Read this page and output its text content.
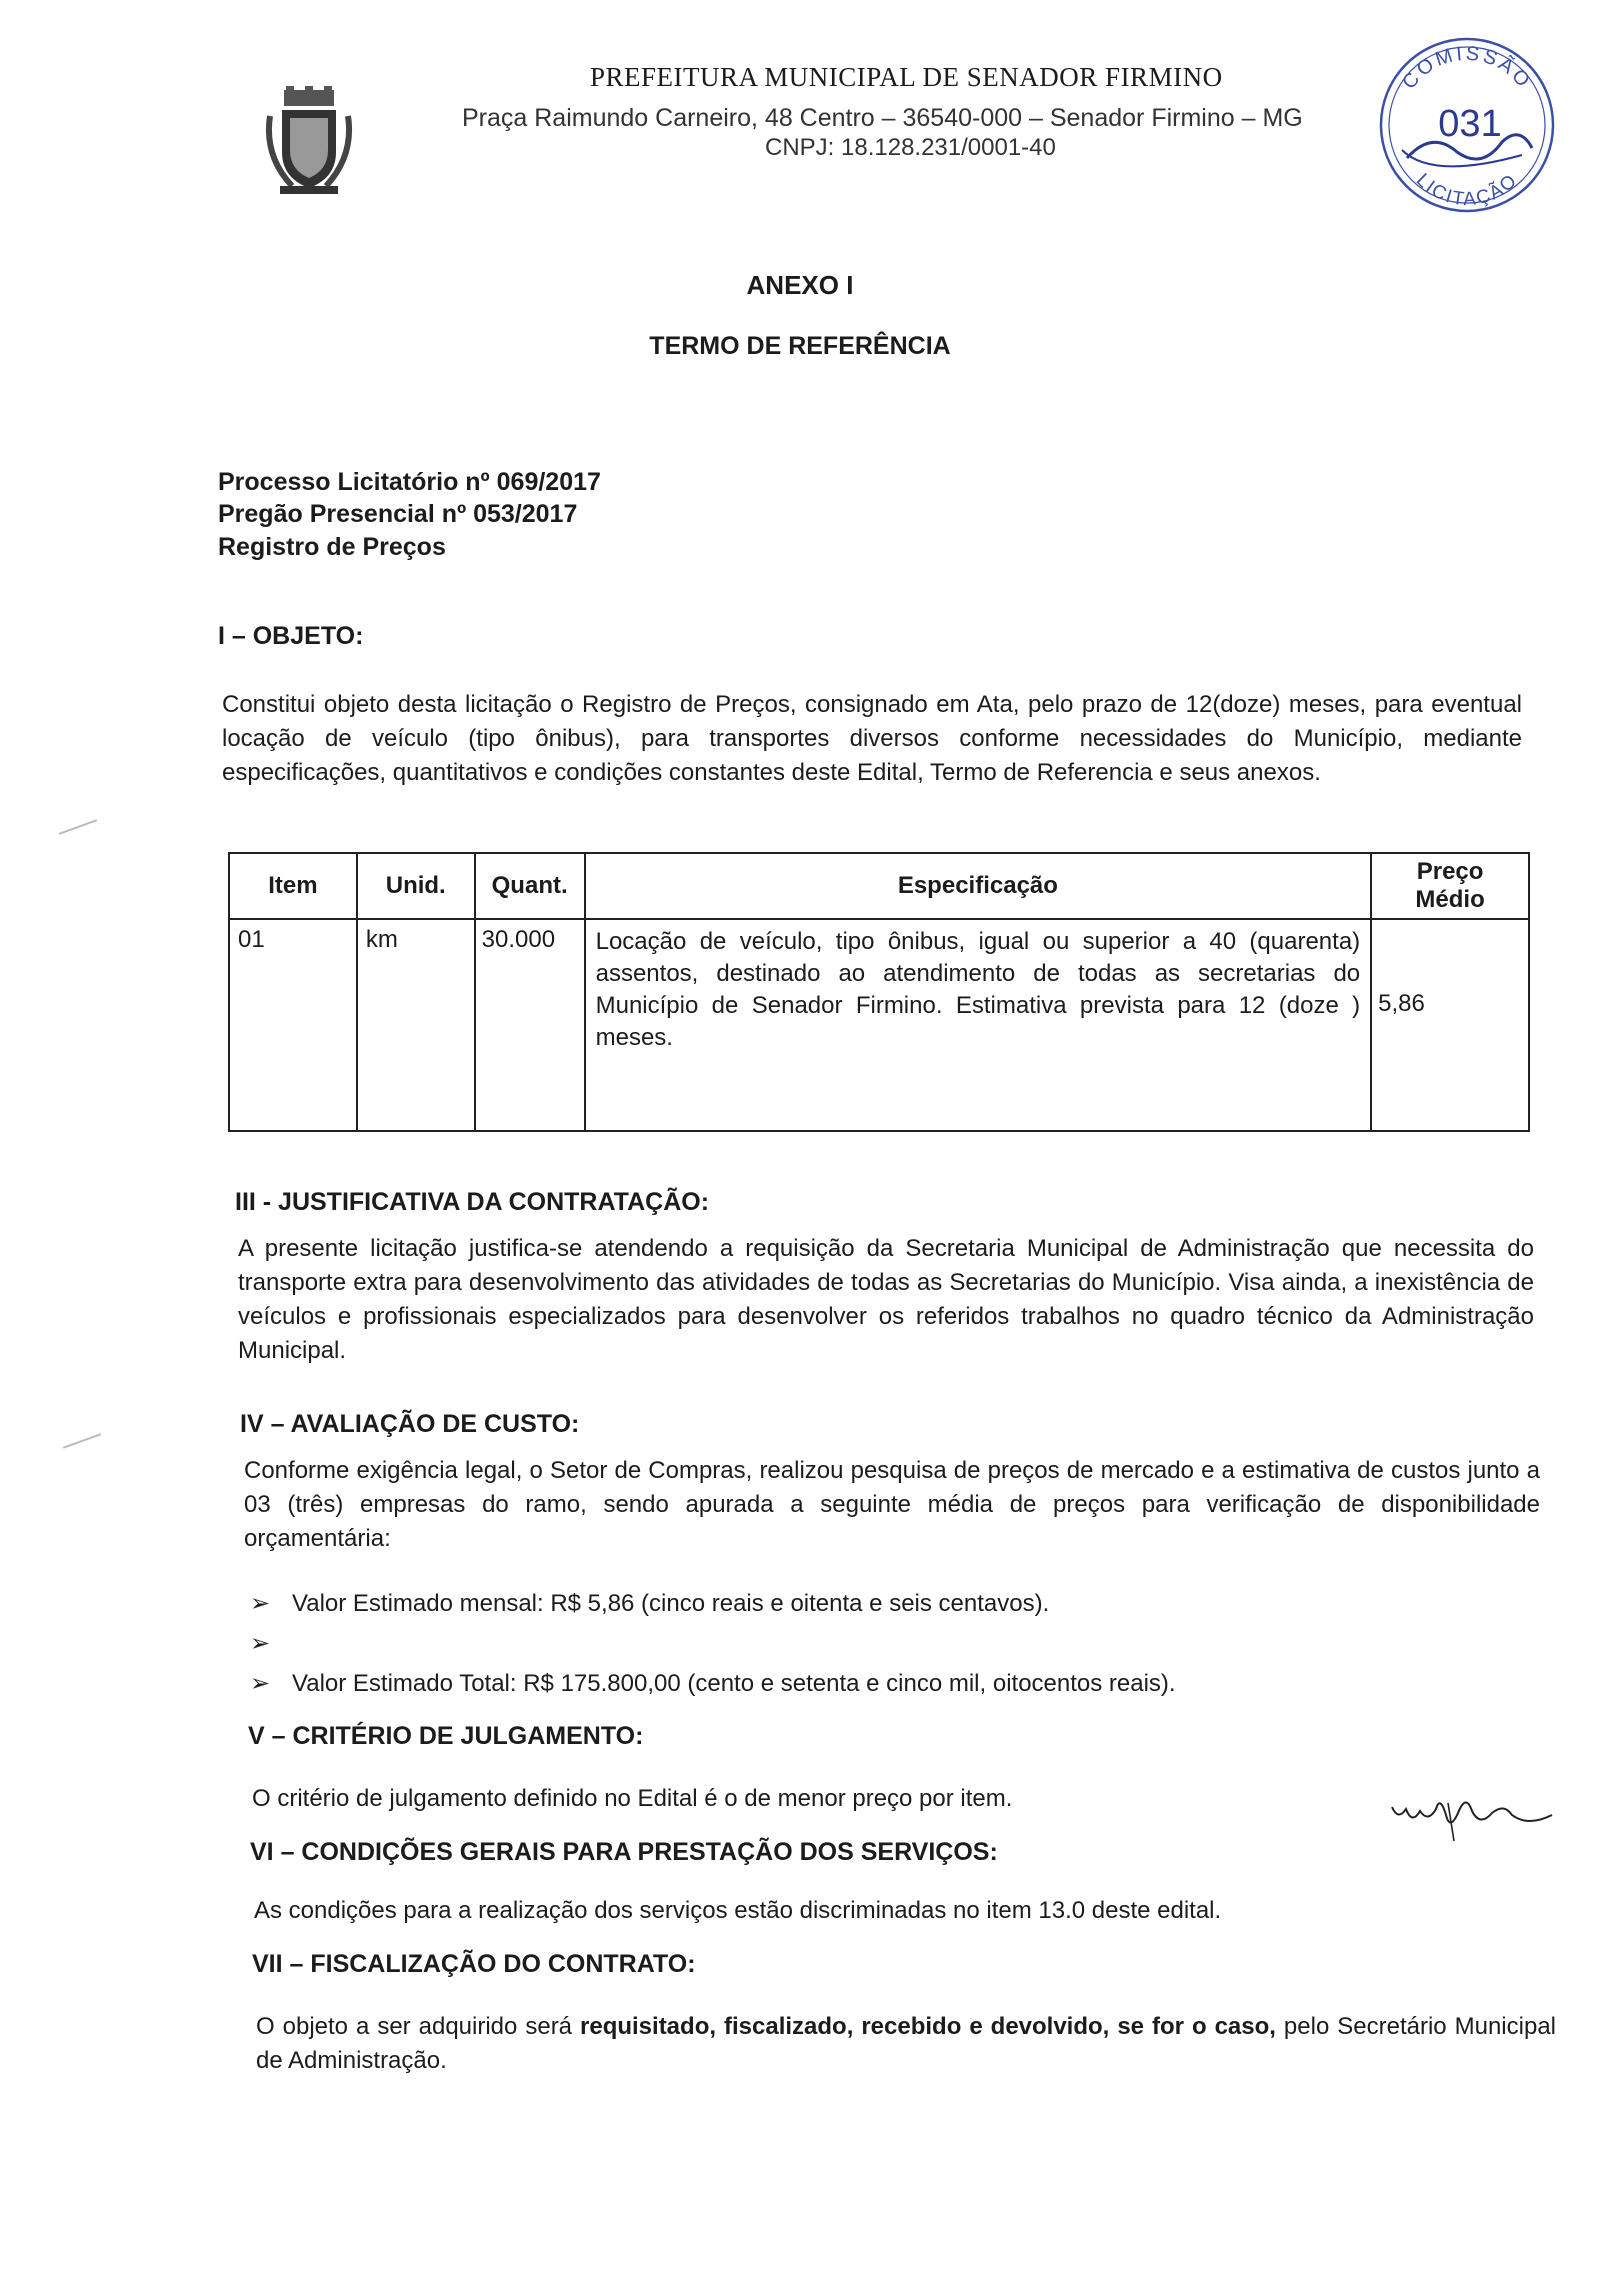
PREFEITURA MUNICIPAL DE SENADOR FIRMINO
Praça Raimundo Carneiro, 48 Centro – 36540-000 – Senador Firmino – MG
CNPJ: 18.128.231/0001-40
COMISSÃO
LICITAÇÃO
031
ANEXO I
TERMO DE REFERÊNCIA
Processo Licitatório nº 069/2017
Pregão Presencial nº 053/2017
Registro de Preços
I – OBJETO:
Constitui objeto desta licitação o Registro de Preços, consignado em Ata, pelo prazo de 12(doze) meses, para eventual locação de veículo (tipo ônibus), para transportes diversos conforme necessidades do Município, mediante especificações, quantitativos e condições constantes deste Edital, Termo de Referencia e seus anexos.
Item	Unid.	Quant.	Especificação	Preço
Médio

01	km	30.000	Locação de veículo, tipo ônibus, igual ou superior a 40 (quarenta) assentos, destinado ao atendimento de todas as secretarias do Município de Senador Firmino. Estimativa prevista para 12 (doze ) meses.	5,86
III - JUSTIFICATIVA DA CONTRATAÇÃO:
A presente licitação justifica-se atendendo a requisição da Secretaria Municipal de Administração que necessita do transporte extra para desenvolvimento das atividades de todas as Secretarias do Município. Visa ainda, a inexistência de veículos e profissionais especializados para desenvolver os referidos trabalhos no quadro técnico da Administração Municipal.
IV – AVALIAÇÃO DE CUSTO:
Conforme exigência legal, o Setor de Compras, realizou pesquisa de preços de mercado e a estimativa de custos junto a 03 (três) empresas do ramo, sendo apurada a seguinte média de preços para verificação de disponibilidade orçamentária:
➢ Valor Estimado mensal: R$ 5,86 (cinco reais e oitenta e seis centavos).
➢
➢ Valor Estimado Total: R$ 175.800,00 (cento e setenta e cinco mil, oitocentos reais).
V – CRITÉRIO DE JULGAMENTO:
O critério de julgamento definido no Edital é o de menor preço por item.
VI – CONDIÇÕES GERAIS PARA PRESTAÇÃO DOS SERVIÇOS:
As condições para a realização dos serviços estão discriminadas no item 13.0 deste edital.
VII – FISCALIZAÇÃO DO CONTRATO:
O objeto a ser adquirido será requisitado, fiscalizado, recebido e devolvido, se for o caso, pelo Secretário Municipal de Administração.
